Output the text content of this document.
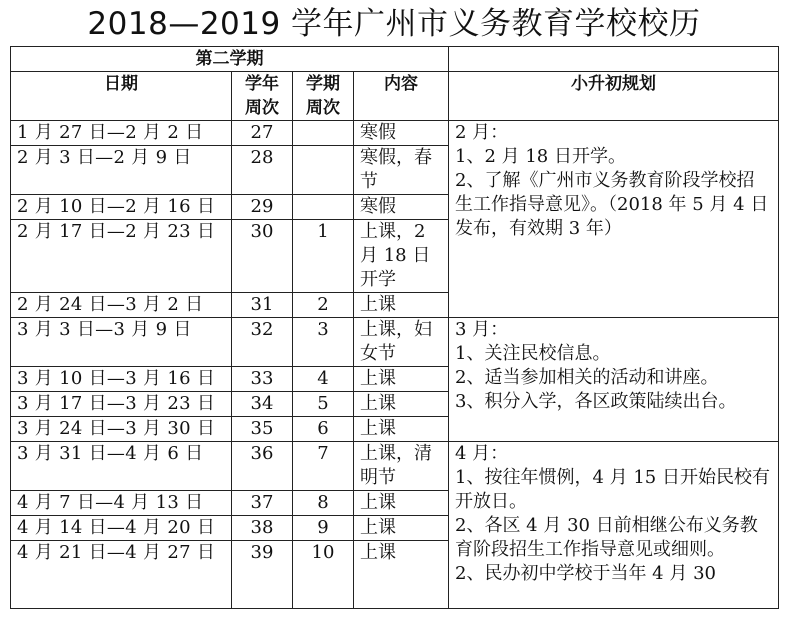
2018—2019 学年广州市义务教育学校校历
第二学期				
日期	学年周次	学期周次	内容	小升初规划
1 月 27 日—2 月 2 日	27		寒假	2 月：
1、2 月 18 日开学。
2、了解《广州市义务教育阶段学校招生工作指导意见》。（2018 年 5 月 4 日发布，有效期 3 年）

2 月 3 日—2 月 9 日	28		寒假，春节	
2 月 10 日—2 月 16 日	29		寒假	
2 月 17 日—2 月 23 日	30	1	上课，2 月 18 日开学	
2 月 24 日—3 月 2 日	31	2	上课	
3 月 3 日—3 月 9 日	32	3	上课，妇女节	3 月：
1、关注民校信息。
2、适当参加相关的活动和讲座。
3、积分入学，各区政策陆续出台。

3 月 10 日—3 月 16 日	33	4	上课	
3 月 17 日—3 月 23 日	34	5	上课	
3 月 24 日—3 月 30 日	35	6	上课	
3 月 31 日—4 月 6 日	36	7	上课，清明节	4 月：
1、按往年惯例，4 月 15 日开始民校有开放日。
2、各区 4 月 30 日前相继公布义务教育阶段招生工作指导意见或细则。
2、民办初中学校于当年 4 月 30

4 月 7 日—4 月 13 日	37	8	上课	
4 月 14 日—4 月 20 日	38	9	上课	
4 月 21 日—4 月 27 日	39	10	上课	
